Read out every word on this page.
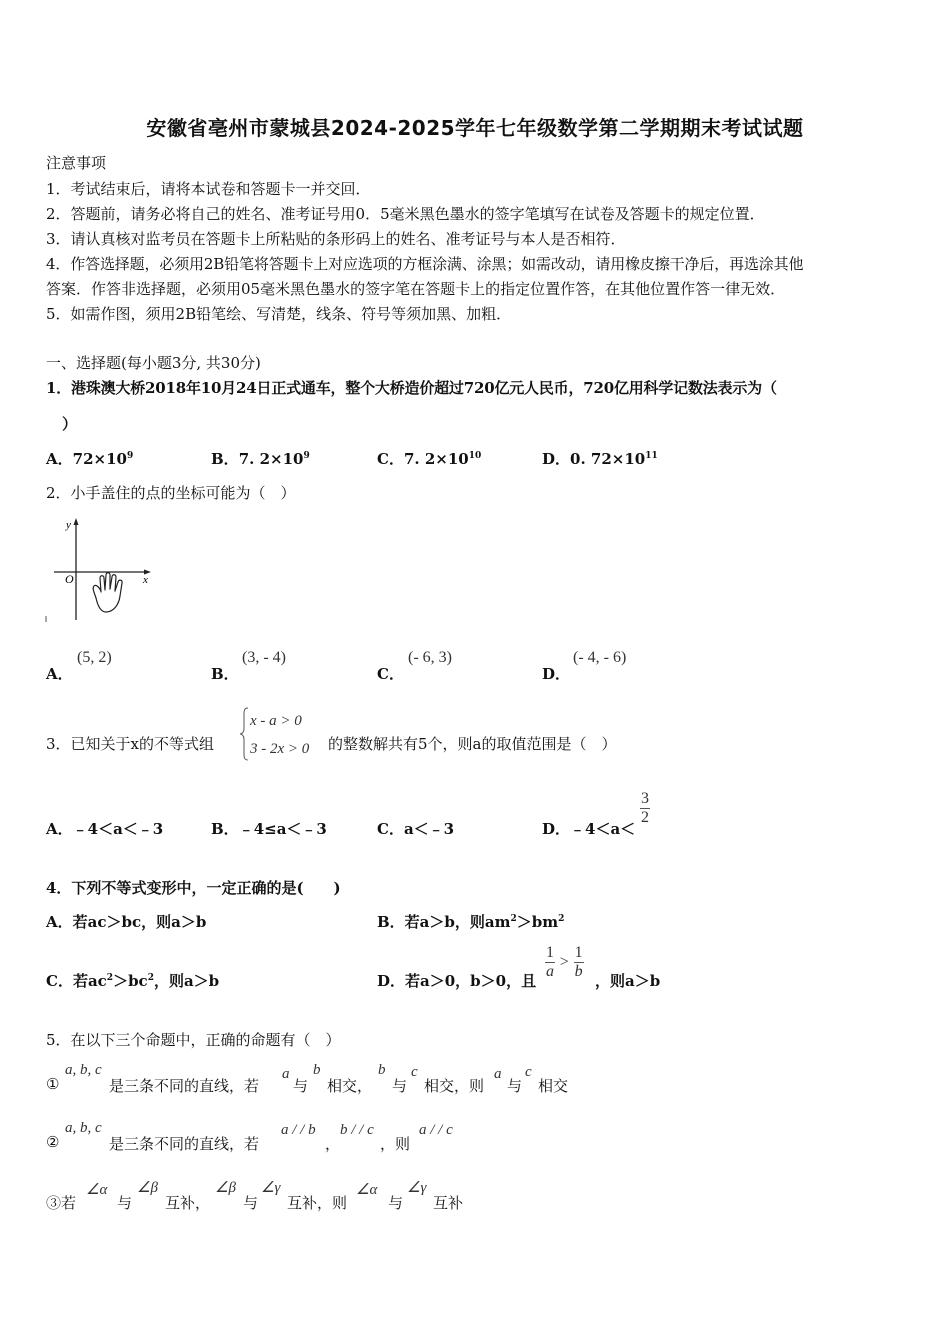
安徽省亳州市蒙城县2024-2025学年七年级数学第二学期期末考试试题
注意事项
1．考试结束后，请将本试卷和答题卡一并交回．
2．答题前，请务必将自己的姓名、准考证号用0．5毫米黑色墨水的签字笔填写在试卷及答题卡的规定位置．
3．请认真核对监考员在答题卡上所粘贴的条形码上的姓名、准考证号与本人是否相符．
4．作答选择题，必须用2B铅笔将答题卡上对应选项的方框涂满、涂黑；如需改动，请用橡皮擦干净后，再选涂其他
答案．作答非选择题，必须用05毫米黑色墨水的签字笔在答题卡上的指定位置作答，在其他位置作答一律无效．
5．如需作图，须用2B铅笔绘、写清楚，线条、符号等须加黑、加粗．
一、选择题(每小题3分, 共30分)
1．港珠澳大桥2018年10月24日正式通车，整个大桥造价超过720亿元人民币，720亿用科学记数法表示为（
）
A．$72\times 10^9$	B．7. $2\times 10^9$	C．7. $2\times 10^{10}$	D．0. $72\times 10^{11}$
2．小手盖住的点的坐标可能为（　）
y
x
O
A．
(5, 2)
B．
(3, - 4)
C．
(- 6, 3)
D．
(- 4, - 6)
3．已知关于x的不等式组
x - a > 0
3 - 2x > 0 的整数解共有5个，则a的取值范围是（　）
A．﹣4＜a＜﹣3	B．﹣4≤a＜﹣3	C．a＜﹣3	D．﹣4＜a＜
$\frac{3}{2}$
4．下列不等式变形中，一定正确的是(　　)
A．若ac＞bc，则a＞b	B．若a＞b，则$am^2>bm^2$
C．若$ac^2>bc^2$，则a＞b	D．若a＞0，b＞0，且 $\frac{1}{a} > \frac{1}{b}$ ，则a＞b
5．在以下三个命题中，正确的命题有（　）
①
a, b, c
是三条不同的直线，若
a
与
b
相交，
b
与
c
相交，则
a
与
c
相交
②
a, b, c
是三条不同的直线，若
a / / b
，
b / / c
，则
a / / c
③若
∠α
与
∠β
互补，
∠β
与
∠γ
互补，则
∠α
与
∠γ
互补
